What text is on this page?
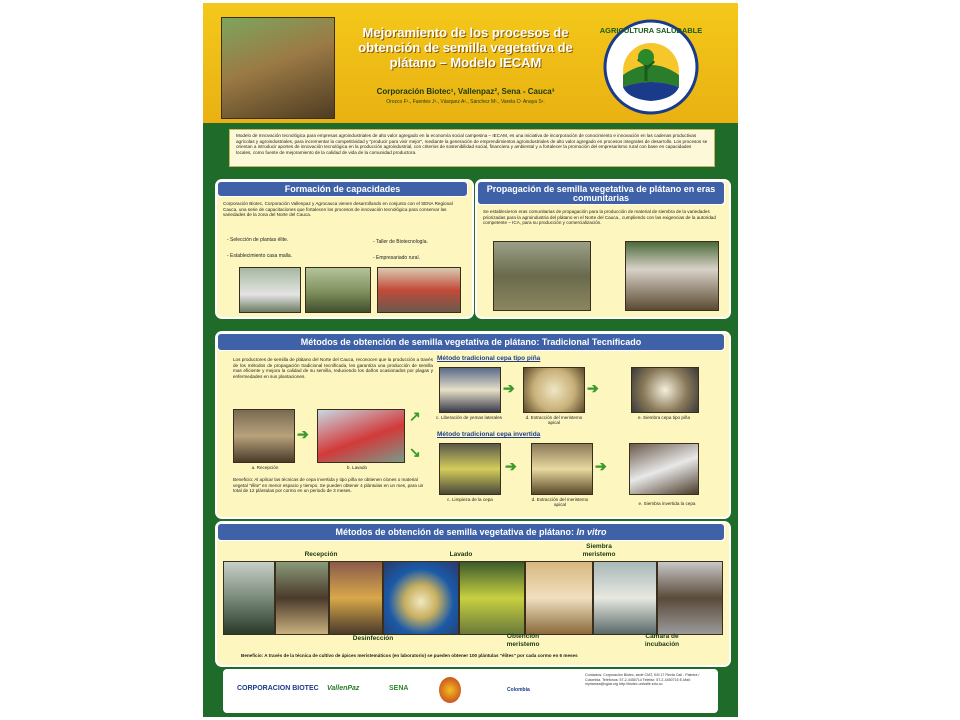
Mejoramiento de los procesos de obtención de semilla vegetativa de plátano – Modelo IECAM
Corporación Biotec¹, Vallenpaz², Sena - Cauca³
Orozco F¹., Fuentes J¹., Vásquez A¹., Sánchez M¹., Varela C¹ Anaya S¹.
AGRICULTURA SALUDABLE
Modelo de Innovación tecnológica para empresas agroindustriales de alto valor agregado en la economía social campesina – IECAM, es una iniciativa de incorporación de conocimiento e innovación en las cadenas productivas agrícolas y agroindustriales, para incrementar la competitividad y "producir para vivir mejor", mediante la generación de emprendimientos agroindustriales de alto valor agregado en procesos integrales de desarrollo. Los procesos se orientan a introducir aportes de innovación tecnológica en la producción agroindustrial, con criterios de sostenibilidad social, financiera y ambiental y a fortalecer la promoción del empresarismo rural con base en capacidades locales, como fuente de mejoramiento de la calidad de vida de la comunidad productora.
Formación de capacidades
Corporación Biotec, Corporación Vallenpaz y Agrocauca vienen desarrollando en conjunto con el SENA Regional Cauca, una serie de capacitaciones que fortalecen los procesos de innovación tecnológica para conservar las variedades de la zona del Norte del Cauca.
- Selección de plantas élite.
- Establecimiento casa malla.
- Taller de Biotecnología.
- Empresariado rural.
Propagación de semilla vegetativa de plátano en eras comunitarias
Se establecieron eras comunitarias de propagación para la producción de material de siembra de la variedades priorizadas para la agroindustria del plátano en el Norte del Cauca., cumpliendo con las exigencias de la autoridad competente – ICA, para su producción y comercialización.
Métodos de obtención de semilla vegetativa de plátano: Tradicional Tecnificado
Los productores de semilla de plátano del Norte del Cauca, reconocen que la producción a través de los métodos de propagación tradicional tecnificada, les garantiza una producción de semilla mas eficiente y mejora la calidad de su semilla, reduciendo los daños ocasionados por plagas y enfermedades en sus plantaciones.
➔
a. Recepción	b. Lavado
↗
↘
Método tradicional cepa tipo piña
➔	➔
c. Liberación de yemas laterales	d. Extracción del meristemo apical
e. Siembra cepa tipo piña
Método tradicional cepa invertida
➔	➔
c. Limpieza de la cepa	d. Extracción del meristemo apical	e. Siembra invertida la cepa
Beneficio: Al aplicar las técnicas de cepa invertida y tipo piña se obtienen clones o material vegetal "élite" en menor espacio y tiempo. Se pueden obtener 4 plántulas en un mes, para un total de 12 plántulas por cormo en un periodo de 3 meses.
Métodos de obtención de semilla vegetativa de plátano: In vitro
Recepción	Lavado
Siembra meristemo
Desinfección	Obtención meristemo
Cámara de incubación
Beneficio: A través de la técnica de cultivo de ápices meristemáticos (en laboratorio) se pueden obtener 100 plántulas "élites" por cada cormo en 6 meses
CORPORACION BIOTEC VallenPaz	SENA	Colombia
Contactos: Corporación Biotec, sede CIAT, KM 17 Recta Cali - Palmira / Colombia. Teléfonos: 57-2-4450714 Telefax: 57-2-4450715 E-Mail: myriamsa@cgiar.org http://biotec.univalle.edu.co
